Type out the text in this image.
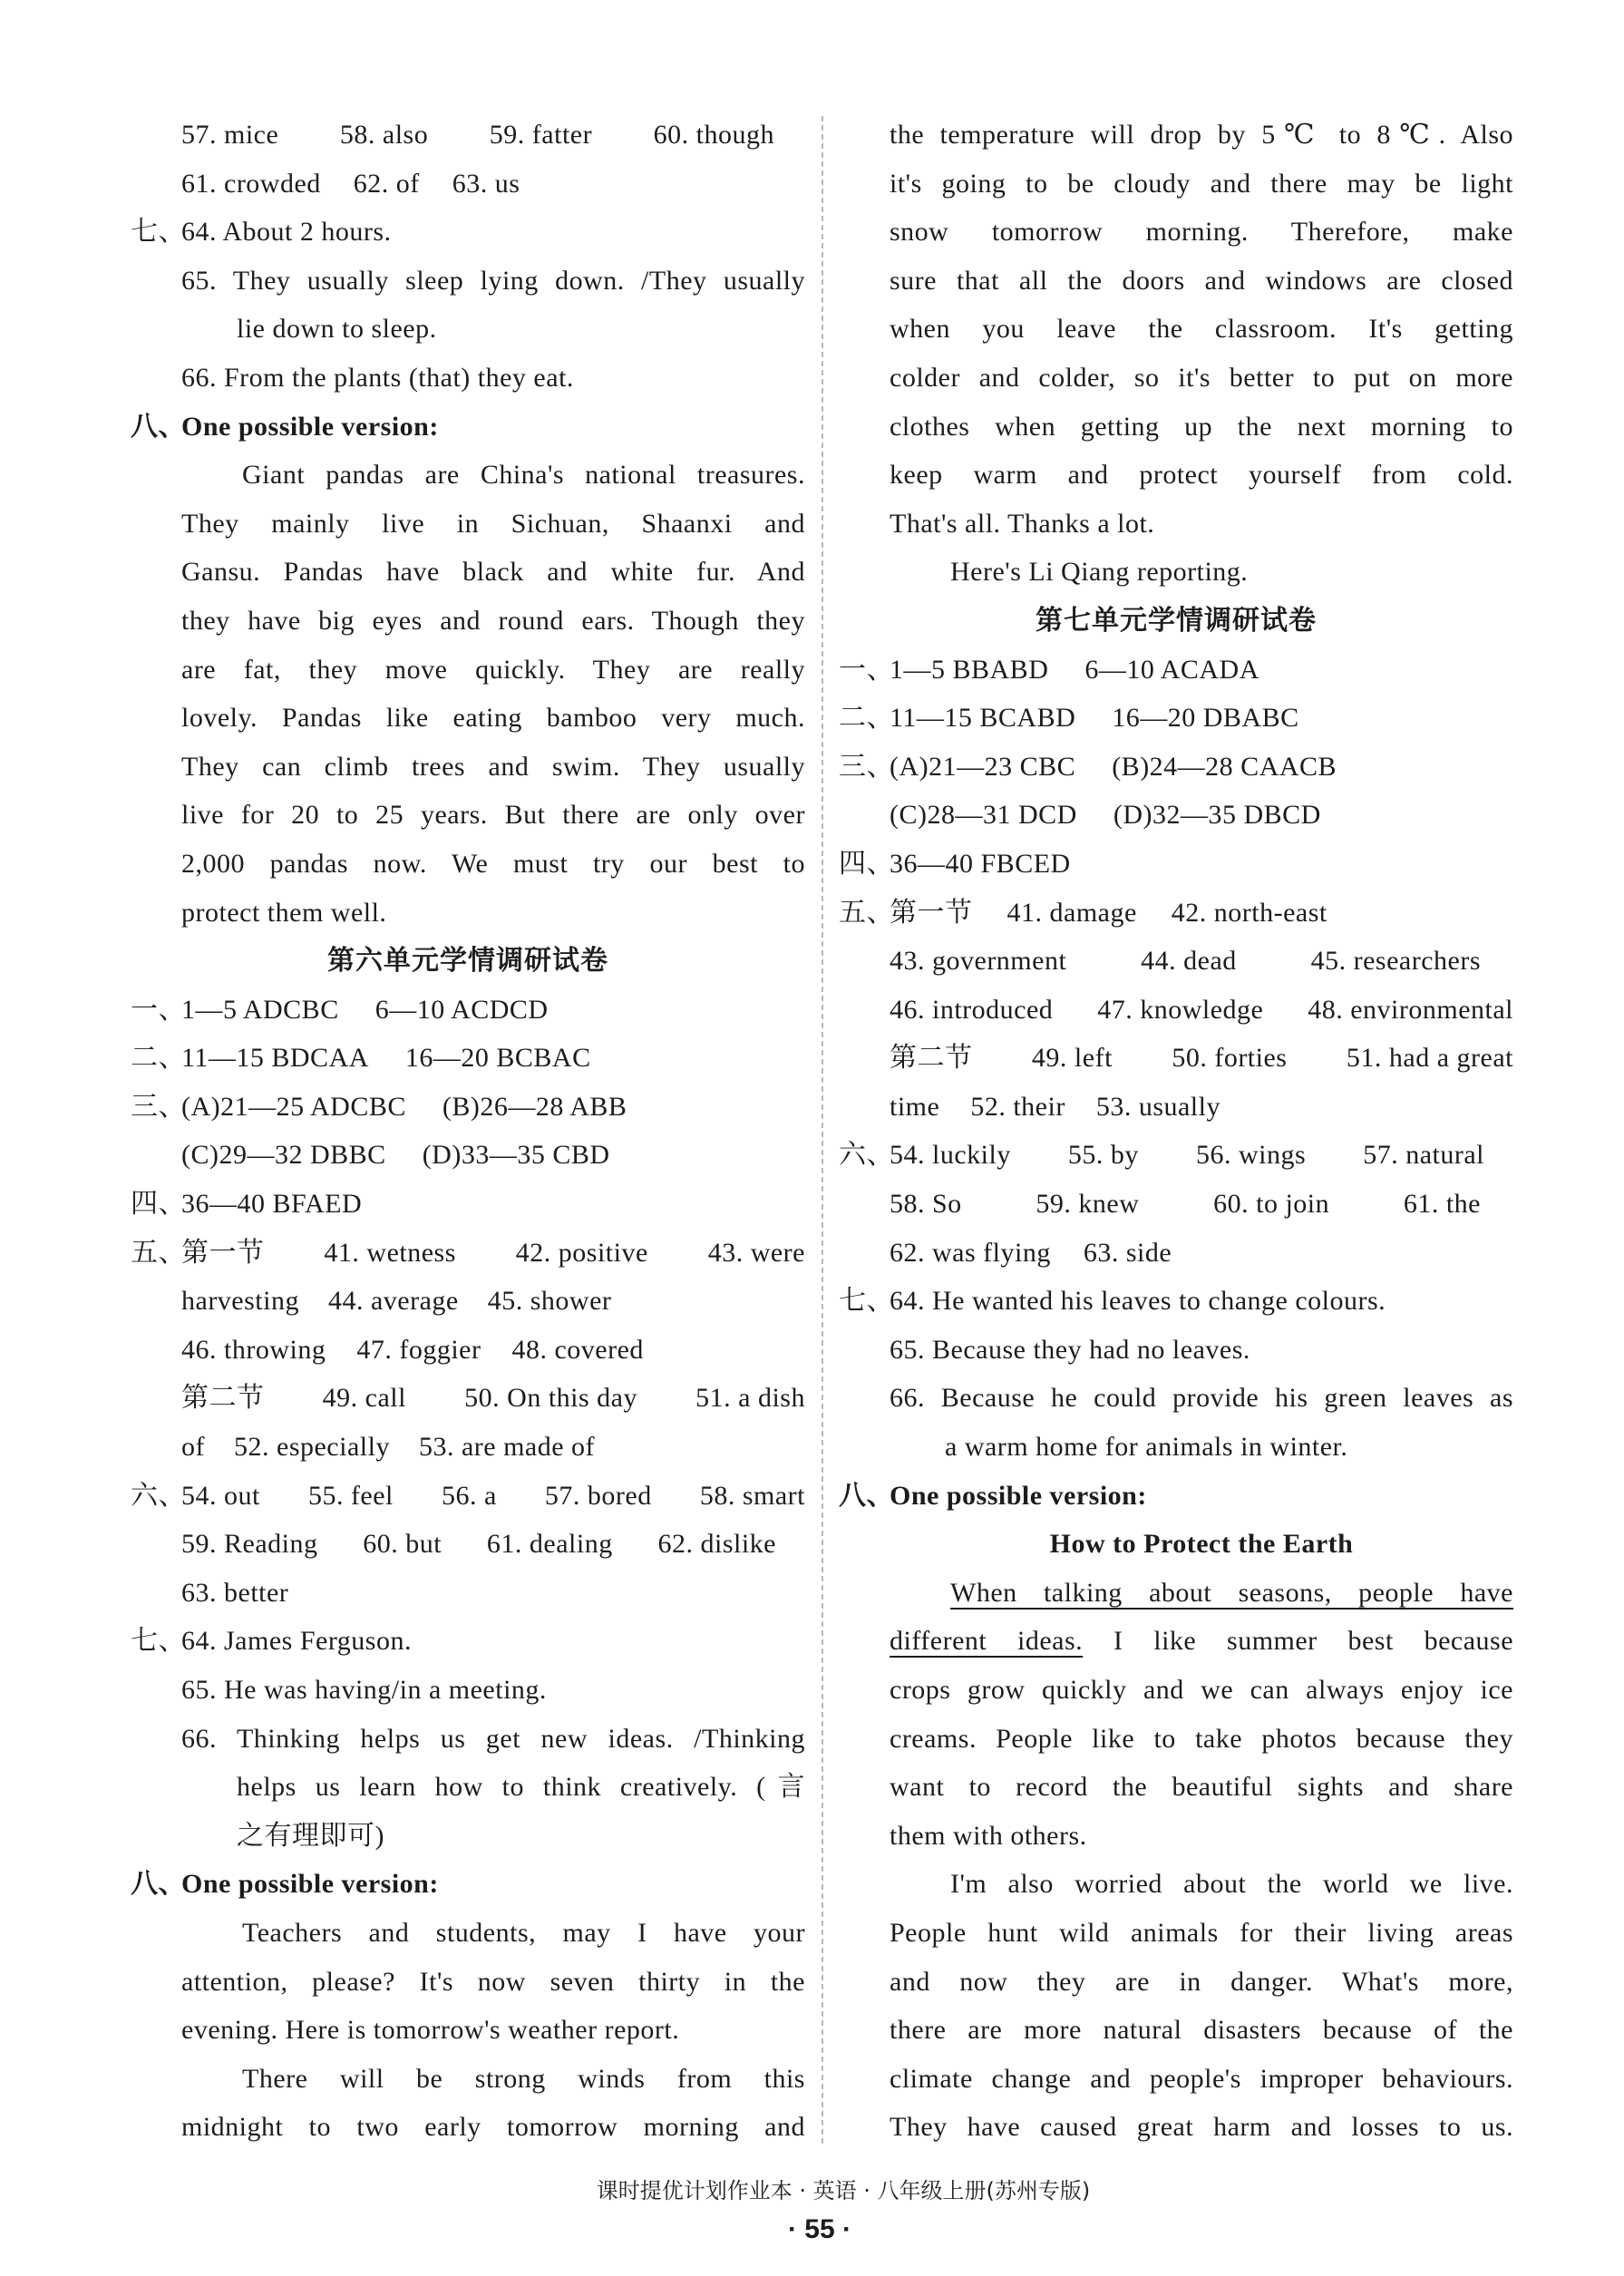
57. mice 58. also 59. fatter 60. though
61. crowded 62. of 63. us
七、
64. About 2 hours.
65. They usually sleep lying down. /They usually
lie down to sleep.
66. From the plants (that) they eat.
八、
One possible version:
Giant pandas are China's national treasures.
They mainly live in Sichuan, Shaanxi and
Gansu. Pandas have black and white fur. And
they have big eyes and round ears. Though they
are fat, they move quickly. They are really
lovely. Pandas like eating bamboo very much.
They can climb trees and swim. They usually
live for 20 to 25 years. But there are only over
2,000 pandas now. We must try our best to
protect them well.
第六单元学情调研试卷
一、
1—5 ADCBC 6—10 ACDCD
二、
11—15 BDCAA 16—20 BCBAC
三、
(A)21—25 ADCBC (B)26—28 ABB
(C)29—32 DBBC (D)33—35 CBD
四、
36—40 BFAED
五、
第一节 41. wetness 42. positive 43. were
harvesting 44. average 45. shower
46. throwing 47. foggier 48. covered
第二节 49. call 50. On this day 51. a dish
of 52. especially 53. are made of
六、
54. out 55. feel 56. a 57. bored 58. smart
59. Reading 60. but 61. dealing 62. dislike
63. better
七、
64. James Ferguson.
65. He was having/in a meeting.
66. Thinking helps us get new ideas. /Thinking
helps us learn how to think creatively. (言
之有理即可)
八、
One possible version:
Teachers and students, may I have your
attention, please? It's now seven thirty in the
evening. Here is tomorrow's weather report.
There will be strong winds from this
midnight to two early tomorrow morning and
the temperature will drop by 5℃ to 8℃. Also
it's going to be cloudy and there may be light
snow tomorrow morning. Therefore, make
sure that all the doors and windows are closed
when you leave the classroom. It's getting
colder and colder, so it's better to put on more
clothes when getting up the next morning to
keep warm and protect yourself from cold.
That's all. Thanks a lot.
Here's Li Qiang reporting.
第七单元学情调研试卷
一、
1—5 BBABD 6—10 ACADA
二、
11—15 BCABD 16—20 DBABC
三、
(A)21—23 CBC (B)24—28 CAACB
(C)28—31 DCD (D)32—35 DBCD
四、
36—40 FBCED
五、
第一节 41. damage 42. north-east
43. government	44. dead	45. researchers
46. introduced 47. knowledge 48. environmental
第二节 49. left 50. forties 51. had a great
time 52. their 53. usually
六、
54. luckily 55. by 56. wings 57. natural
58. So	59. knew	60. to join	61. the
62. was flying 63. side
七、
64. He wanted his leaves to change colours.
65. Because they had no leaves.
66. Because he could provide his green leaves as
a warm home for animals in winter.
八、
One possible version:
How to Protect the Earth
When talking about seasons, people have
different ideas. I like summer best because
crops grow quickly and we can always enjoy ice
creams. People like to take photos because they
want to record the beautiful sights and share
them with others.
I'm also worried about the world we live.
People hunt wild animals for their living areas
and now they are in danger. What's more,
there are more natural disasters because of the
climate change and people's improper behaviours.
They have caused great harm and losses to us.
课时提优计划作业本 · 英语 · 八年级上册(苏州专版)
· 55 ·
